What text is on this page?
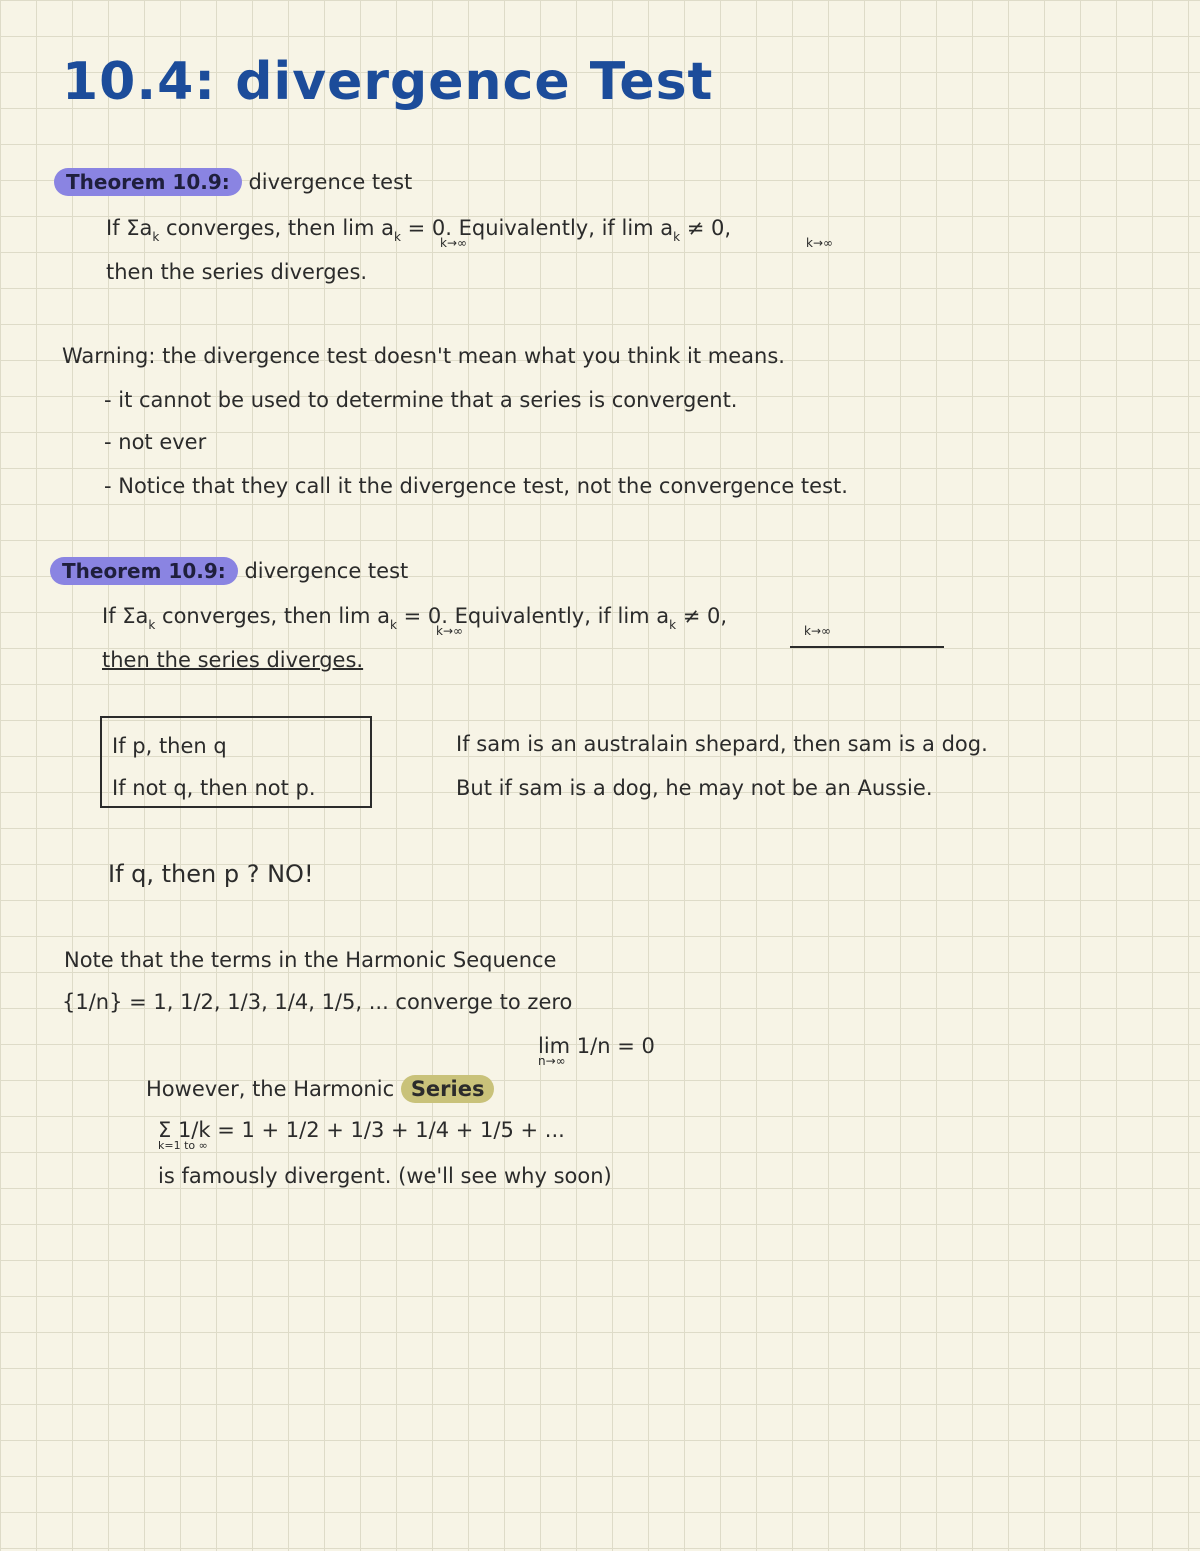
10.4: divergence Test
Theorem 10.9: divergence test
If $\Sigma a_k$ converges, then $\lim a_k = 0$. Equivalently, if $\lim a_k \ne 0$,
k→∞	k→∞
then the series diverges.
Warning: the divergence test doesn't mean what you think it means.
- it cannot be used to determine that a series is convergent.
- not ever
- Notice that they call it the divergence test, not the convergence test.
Theorem 10.9: divergence test
If $\Sigma a_k$ converges, then $\lim a_k = 0$. Equivalently, if $\lim a_k \ne 0$,
k→∞	k→∞
then the series diverges.
If p, then q
If not q, then not p.
If sam is an australain shepard, then sam is a dog.
But if sam is a dog, he may not be an Aussie.
If q, then p ? NO!
Note that the terms in the Harmonic Sequence
{1/n} = 1, 1/2, 1/3, 1/4, 1/5, ... converge to zero
lim 1/n = 0
n→∞
However, the Harmonic Series
Σ 1/k = 1 + 1/2 + 1/3 + 1/4 + 1/5 + ...
k=1 to ∞
is famously divergent. (we'll see why soon)
